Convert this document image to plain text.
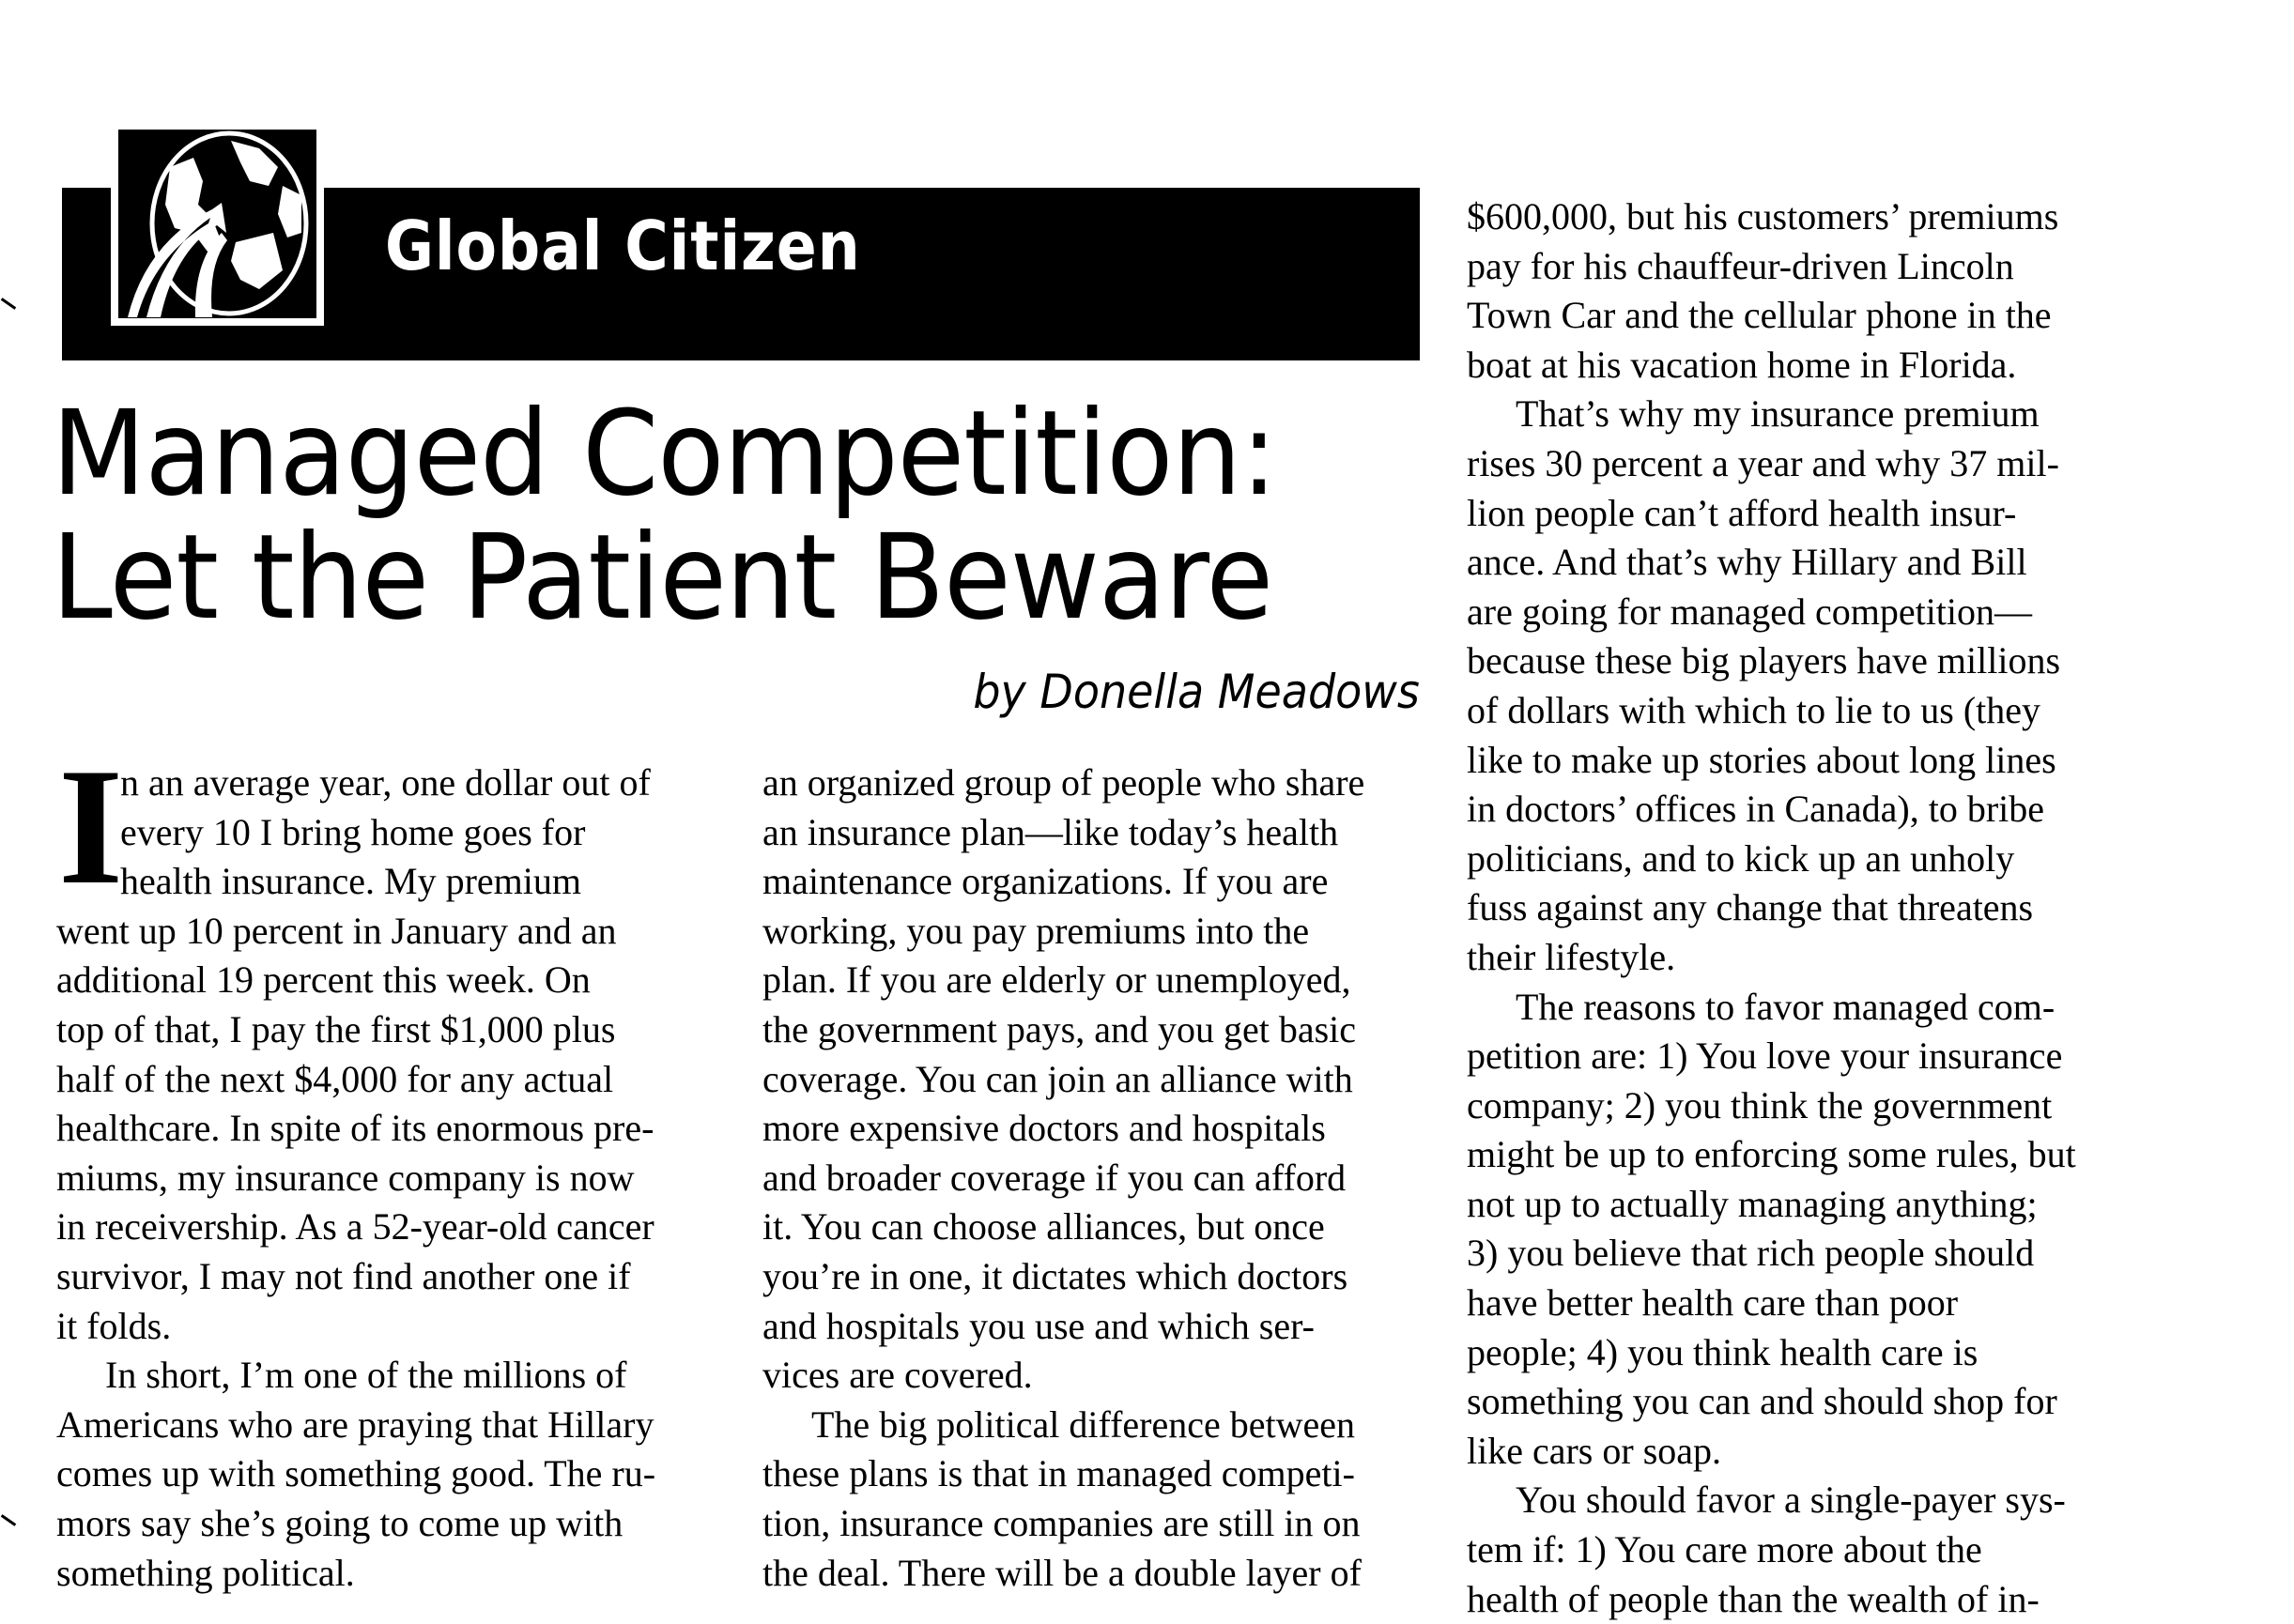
Global Citizen
Managed Competition:
Let the Patient Beware
by Donella Meadows
I
n an average year, one dollar out of
every 10 I bring home goes for
health insurance. My premium
went up 10 percent in January and an
additional 19 percent this week. On
top of that, I pay the first $1,000 plus
half of the next $4,000 for any actual
healthcare. In spite of its enormous pre-
miums, my insurance company is now
in receivership. As a 52-year-old cancer
survivor, I may not find another one if
it folds.
In short, I’m one of the millions of
Americans who are praying that Hillary
comes up with something good. The ru-
mors say she’s going to come up with
something political.
an organized group of people who share
an insurance plan—like today’s health
maintenance organizations. If you are
working, you pay premiums into the
plan. If you are elderly or unemployed,
the government pays, and you get basic
coverage. You can join an alliance with
more expensive doctors and hospitals
and broader coverage if you can afford
it. You can choose alliances, but once
you’re in one, it dictates which doctors
and hospitals you use and which ser-
vices are covered.
The big political difference between
these plans is that in managed competi-
tion, insurance companies are still in on
the deal. There will be a double layer of
$600,000, but his customers’ premiums
pay for his chauffeur-driven Lincoln
Town Car and the cellular phone in the
boat at his vacation home in Florida.
That’s why my insurance premium
rises 30 percent a year and why 37 mil-
lion people can’t afford health insur-
ance. And that’s why Hillary and Bill
are going for managed competition—
because these big players have millions
of dollars with which to lie to us (they
like to make up stories about long lines
in doctors’ offices in Canada), to bribe
politicians, and to kick up an unholy
fuss against any change that threatens
their lifestyle.
The reasons to favor managed com-
petition are: 1) You love your insurance
company; 2) you think the government
might be up to enforcing some rules, but
not up to actually managing anything;
3) you believe that rich people should
have better health care than poor
people; 4) you think health care is
something you can and should shop for
like cars or soap.
You should favor a single-payer sys-
tem if: 1) You care more about the
health of people than the wealth of in-
